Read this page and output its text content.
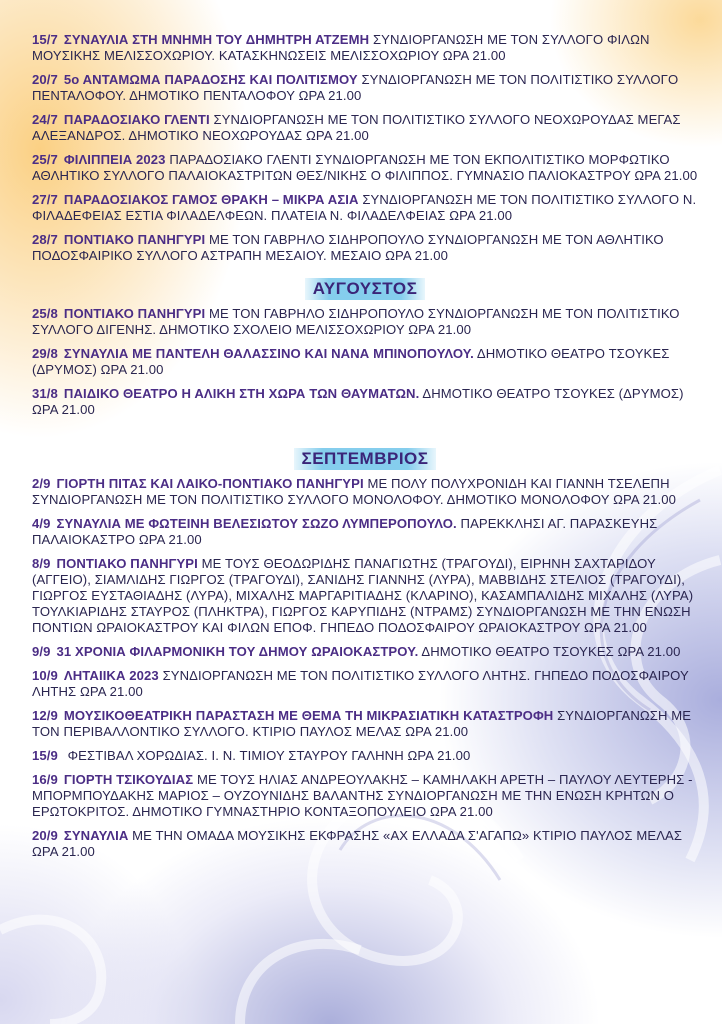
15/7 ΣΥΝΑΥΛΙΑ ΣΤΗ ΜΝΗΜΗ ΤΟΥ ΔΗΜΗΤΡΗ ΑΤΖΕΜΗ ΣΥΝΔΙΟΡΓΑΝΩΣΗ ΜΕ ΤΟΝ ΣΥΛΛΟΓΟ ΦΙΛΩΝ ΜΟΥΣΙΚΗΣ ΜΕΛΙΣΣΟΧΩΡΙΟΥ. ΚΑΤΑΣΚΗΝΩΣΕΙΣ ΜΕΛΙΣΣΟΧΩΡΙΟΥ ΩΡΑ 21.00
20/7 5ο ΑΝΤΑΜΩΜΑ ΠΑΡΑΔΟΣΗΣ ΚΑΙ ΠΟΛΙΤΙΣΜΟΥ ΣΥΝΔΙΟΡΓΑΝΩΣΗ ΜΕ ΤΟΝ ΠΟΛΙΤΙΣΤΙΚΟ ΣΥΛΛΟΓΟ ΠΕΝΤΑΛΟΦΟΥ. ΔΗΜΟΤΙΚΟ ΠΕΝΤΑΛΟΦΟΥ ΩΡΑ 21.00
24/7 ΠΑΡΑΔΟΣΙΑΚΟ ΓΛΕΝΤΙ ΣΥΝΔΙΟΡΓΑΝΩΣΗ ΜΕ ΤΟΝ ΠΟΛΙΤΙΣΤΙΚΟ ΣΥΛΛΟΓΟ ΝΕΟΧΩΡΟΥΔΑΣ ΜΕΓΑΣ ΑΛΕΞΑΝΔΡΟΣ. ΔΗΜΟΤΙΚΟ ΝΕΟΧΩΡΟΥΔΑΣ ΩΡΑ 21.00
25/7 ΦΙΛΙΠΠΕΙΑ 2023 ΠΑΡΑΔΟΣΙΑΚΟ ΓΛΕΝΤΙ ΣΥΝΔΙΟΡΓΑΝΩΣΗ ΜΕ ΤΟΝ ΕΚΠΟΛΙΤΙΣΤΙΚΟ ΜΟΡΦΩΤΙΚΟ ΑΘΛΗΤΙΚΟ ΣΥΛΛΟΓΟ ΠΑΛΑΙΟΚΑΣΤΡΙΤΩΝ ΘΕΣ/ΝΙΚΗΣ Ο ΦΙΛΙΠΠΟΣ. ΓΥΜΝΑΣΙΟ ΠΑΛΙΟΚΑΣΤΡΟΥ ΩΡΑ 21.00
27/7 ΠΑΡΑΔΟΣΙΑΚΟΣ ΓΑΜΟΣ ΘΡΑΚΗ – ΜΙΚΡΑ ΑΣΙΑ ΣΥΝΔΙΟΡΓΑΝΩΣΗ ΜΕ ΤΟΝ ΠΟΛΙΤΙΣΤΙΚΟ ΣΥΛΛΟΓΟ Ν. ΦΙΛΑΔΕΦΕΙΑΣ ΕΣΤΙΑ ΦΙΛΑΔΕΛΦΕΩΝ. ΠΛΑΤΕΙΑ Ν. ΦΙΛΑΔΕΛΦΕΙΑΣ ΩΡΑ 21.00
28/7 ΠΟΝΤΙΑΚΟ ΠΑΝΗΓΥΡΙ ΜΕ ΤΟΝ ΓΑΒΡΗΛΟ ΣΙΔΗΡΟΠΟΥΛΟ ΣΥΝΔΙΟΡΓΑΝΩΣΗ ΜΕ ΤΟΝ ΑΘΛΗΤΙΚΟ ΠΟΔΟΣΦΑΙΡΙΚΟ ΣΥΛΛΟΓΟ ΑΣΤΡΑΠΗ ΜΕΣΑΙΟΥ. ΜΕΣΑΙΟ ΩΡΑ 21.00
ΑΥΓΟΥΣΤΟΣ
25/8 ΠΟΝΤΙΑΚΟ ΠΑΝΗΓΥΡΙ ΜΕ ΤΟΝ ΓΑΒΡΗΛΟ ΣΙΔΗΡΟΠΟΥΛΟ ΣΥΝΔΙΟΡΓΑΝΩΣΗ ΜΕ ΤΟΝ ΠΟΛΙΤΙΣΤΙΚΟ ΣΥΛΛΟΓΟ ΔΙΓΕΝΗΣ. ΔΗΜΟΤΙΚΟ ΣΧΟΛΕΙΟ ΜΕΛΙΣΣΟΧΩΡΙΟΥ ΩΡΑ 21.00
29/8 ΣΥΝΑΥΛΙΑ ΜΕ ΠΑΝΤΕΛΗ ΘΑΛΑΣΣΙΝΟ ΚΑΙ ΝΑΝΑ ΜΠΙΝΟΠΟΥΛΟΥ. ΔΗΜΟΤΙΚΟ ΘΕΑΤΡΟ ΤΣΟΥΚΕΣ (ΔΡΥΜΟΣ) ΩΡΑ 21.00
31/8 ΠΑΙΔΙΚΟ ΘΕΑΤΡΟ Η ΑΛΙΚΗ ΣΤΗ ΧΩΡΑ ΤΩΝ ΘΑΥΜΑΤΩΝ. ΔΗΜΟΤΙΚΟ ΘΕΑΤΡΟ ΤΣΟΥΚΕΣ (ΔΡΥΜΟΣ) ΩΡΑ 21.00
ΣΕΠΤΕΜΒΡΙΟΣ
2/9 ΓΙΟΡΤΗ ΠΙΤΑΣ ΚΑΙ ΛΑΙΚΟ-ΠΟΝΤΙΑΚΟ ΠΑΝΗΓΥΡΙ ΜΕ ΠΟΛΥ ΠΟΛΥΧΡΟΝΙΔΗ ΚΑΙ ΓΙΑΝΝΗ ΤΣΕΛΕΠΗ ΣΥΝΔΙΟΡΓΑΝΩΣΗ ΜΕ ΤΟΝ ΠΟΛΙΤΙΣΤΙΚΟ ΣΥΛΛΟΓΟ ΜΟΝΟΛΟΦΟΥ. ΔΗΜΟΤΙΚΟ ΜΟΝΟΛΟΦΟΥ ΩΡΑ 21.00
4/9 ΣΥΝΑΥΛΙΑ ΜΕ ΦΩΤΕΙΝΗ ΒΕΛΕΣΙΩΤΟΥ ΣΩΖΟ ΛΥΜΠΕΡΟΠΟΥΛΟ. ΠΑΡΕΚΚΛΗΣΙ ΑΓ. ΠΑΡΑΣΚΕΥΗΣ ΠΑΛΑΙΟΚΑΣΤΡΟ ΩΡΑ 21.00
8/9 ΠΟΝΤΙΑΚΟ ΠΑΝΗΓΥΡΙ ΜΕ ΤΟΥΣ ΘΕΟΔΩΡΙΔΗΣ ΠΑΝΑΓΙΩΤΗΣ (ΤΡΑΓΟΥΔΙ), ΕΙΡΗΝΗ ΣΑΧΤΑΡΙΔΟΥ (ΑΓΓΕΙΟ), ΣΙΑΜΛΙΔΗΣ ΓΙΩΡΓΟΣ (ΤΡΑΓΟΥΔΙ), ΣΑΝΙΔΗΣ ΓΙΑΝΝΗΣ (ΛΥΡΑ), ΜΑΒΒΙΔΗΣ ΣΤΕΛΙΟΣ (ΤΡΑΓΟΥΔΙ), ΓΙΩΡΓΟΣ ΕΥΣΤΑΘΙΑΔΗΣ (ΛΥΡΑ), ΜΙΧΑΛΗΣ ΜΑΡΓΑΡΙΤΙΑΔΗΣ (ΚΛΑΡΙΝΟ), ΚΑΣΑΜΠΑΛΙΔΗΣ ΜΙΧΑΛΗΣ (ΛΥΡΑ) ΤΟΥΛΚΙΑΡΙΔΗΣ ΣΤΑΥΡΟΣ (ΠΛΗΚΤΡΑ), ΓΙΩΡΓΟΣ ΚΑΡΥΠΙΔΗΣ (ΝΤΡΑΜΣ) ΣΥΝΔΙΟΡΓΑΝΩΣΗ ΜΕ ΤΗΝ ΕΝΩΣΗ ΠΟΝΤΙΩΝ ΩΡΑΙΟΚΑΣΤΡΟΥ ΚΑΙ ΦΙΛΩΝ ΕΠΟΦ. ΓΗΠΕΔΟ ΠΟΔΟΣΦΑΙΡΟΥ ΩΡΑΙΟΚΑΣΤΡΟΥ ΩΡΑ 21.00
9/9 31 ΧΡΟΝΙΑ ΦΙΛΑΡΜΟΝΙΚΗ ΤΟΥ ΔΗΜΟΥ ΩΡΑΙΟΚΑΣΤΡΟΥ. ΔΗΜΟΤΙΚΟ ΘΕΑΤΡΟ ΤΣΟΥΚΕΣ ΩΡΑ 21.00
10/9 ΛΗΤΑΙΙΚΑ 2023 ΣΥΝΔΙΟΡΓΑΝΩΣΗ ΜΕ ΤΟΝ ΠΟΛΙΤΙΣΤΙΚΟ ΣΥΛΛΟΓΟ ΛΗΤΗΣ. ΓΗΠΕΔΟ ΠΟΔΟΣΦΑΙΡΟΥ ΛΗΤΗΣ ΩΡΑ 21.00
12/9 ΜΟΥΣΙΚΟΘΕΑΤΡΙΚΗ ΠΑΡΑΣΤΑΣΗ ΜΕ ΘΕΜΑ ΤΗ ΜΙΚΡΑΣΙΑΤΙΚΗ ΚΑΤΑΣΤΡΟΦΗ ΣΥΝΔΙΟΡΓΑΝΩΣΗ ΜΕ ΤΟΝ ΠΕΡΙΒΑΛΛΟΝΤΙΚΟ ΣΥΛΛΟΓΟ. ΚΤΙΡΙΟ ΠΑΥΛΟΣ ΜΕΛΑΣ ΩΡΑ 21.00
15/9 ΦΕΣΤΙΒΑΛ ΧΟΡΩΔΙΑΣ. Ι. Ν. ΤΙΜΙΟΥ ΣΤΑΥΡΟΥ ΓΑΛΗΝΗ ΩΡΑ 21.00
16/9 ΓΙΟΡΤΗ ΤΣΙΚΟΥΔΙΑΣ ΜΕ ΤΟΥΣ ΗΛΙΑΣ ΑΝΔΡΕΟΥΛΑΚΗΣ – ΚΑΜΗΛΑΚΗ ΑΡΕΤΗ – ΠΑΥΛΟΥ ΛΕΥΤΕΡΗΣ - ΜΠΟΡΜΠΟΥΔΑΚΗΣ ΜΑΡΙΟΣ – ΟΥΖΟΥΝΙΔΗΣ ΒΑΛΑΝΤΗΣ ΣΥΝΔΙΟΡΓΑΝΩΣΗ ΜΕ ΤΗΝ ΕΝΩΣΗ ΚΡΗΤΩΝ Ο ΕΡΩΤΟΚΡΙΤΟΣ. ΔΗΜΟΤΙΚΟ ΓΥΜΝΑΣΤΗΡΙΟ ΚΟΝΤΑΞΟΠΟΥΛΕΙΟ ΩΡΑ 21.00
20/9 ΣΥΝΑΥΛΙΑ ΜΕ ΤΗΝ ΟΜΑΔΑ ΜΟΥΣΙΚΗΣ ΕΚΦΡΑΣΗΣ «ΑΧ ΕΛΛΑΔΑ Σ'ΑΓΑΠΩ» ΚΤΙΡΙΟ ΠΑΥΛΟΣ ΜΕΛΑΣ ΩΡΑ 21.00
